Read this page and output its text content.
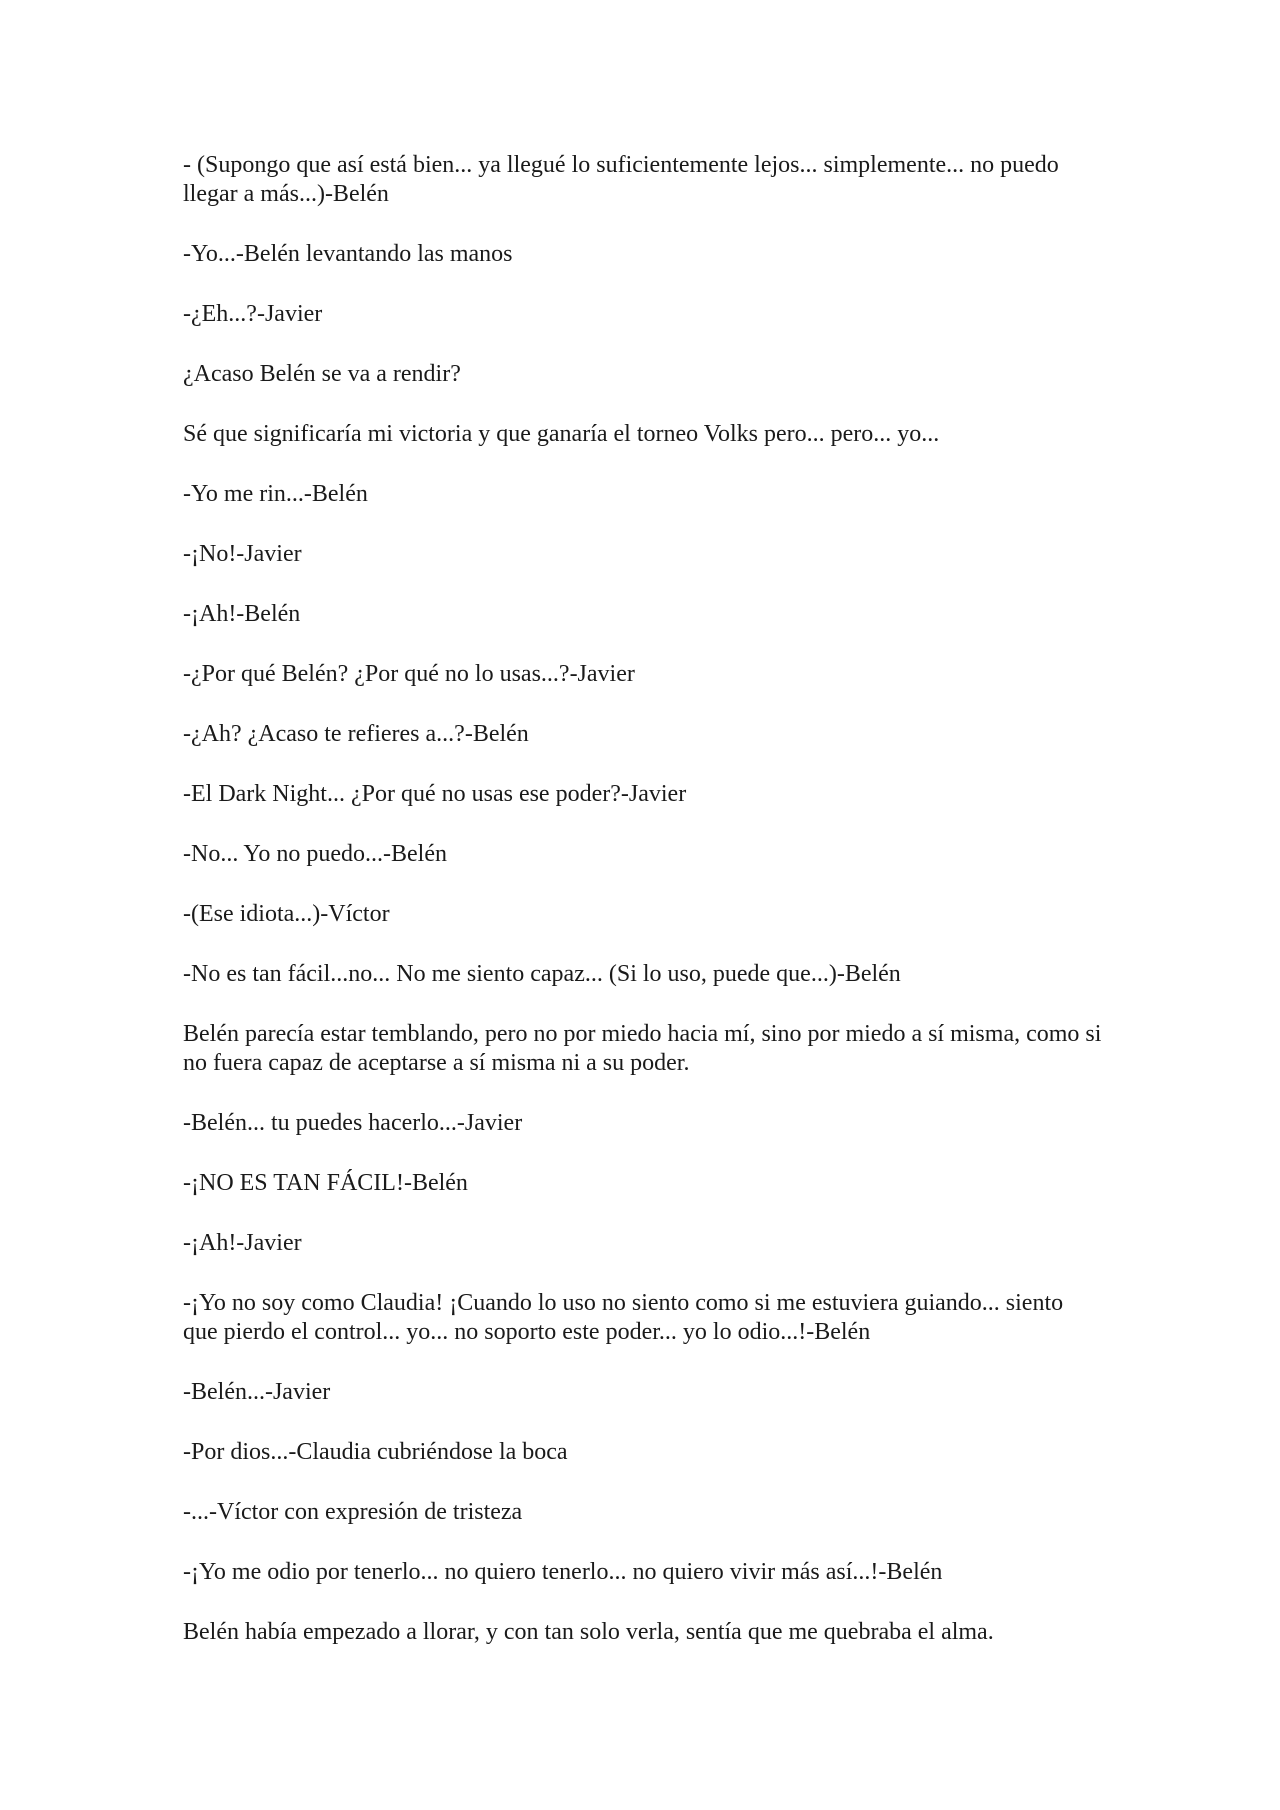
- (Supongo que así está bien... ya llegué lo suficientemente lejos... simplemente... no puedo llegar a más...)-Belén

-Yo...-Belén levantando las manos

-¿Eh...?-Javier

¿Acaso Belén se va a rendir?

Sé que significaría mi victoria y que ganaría el torneo Volks pero... pero... yo...

-Yo me rin...-Belén

-¡No!-Javier

-¡Ah!-Belén

-¿Por qué Belén? ¿Por qué no lo usas...?-Javier

-¿Ah? ¿Acaso te refieres a...?-Belén

-El Dark Night... ¿Por qué no usas ese poder?-Javier

-No... Yo no puedo...-Belén

-(Ese idiota...)-Víctor

-No es tan fácil...no... No me siento capaz... (Si lo uso, puede que...)-Belén

Belén parecía estar temblando, pero no por miedo hacia mí, sino por miedo a sí misma, como si no fuera capaz de aceptarse a sí misma ni a su poder.

-Belén... tu puedes hacerlo...-Javier

-¡NO ES TAN FÁCIL!-Belén

-¡Ah!-Javier

-¡Yo no soy como Claudia! ¡Cuando lo uso no siento como si me estuviera guiando... siento que pierdo el control... yo... no soporto este poder... yo lo odio...!-Belén

-Belén...-Javier

-Por dios...-Claudia cubriéndose la boca

-...-Víctor con expresión de tristeza

-¡Yo me odio por tenerlo... no quiero tenerlo... no quiero vivir más así...!-Belén

Belén había empezado a llorar, y con tan solo verla, sentía que me quebraba el alma.
